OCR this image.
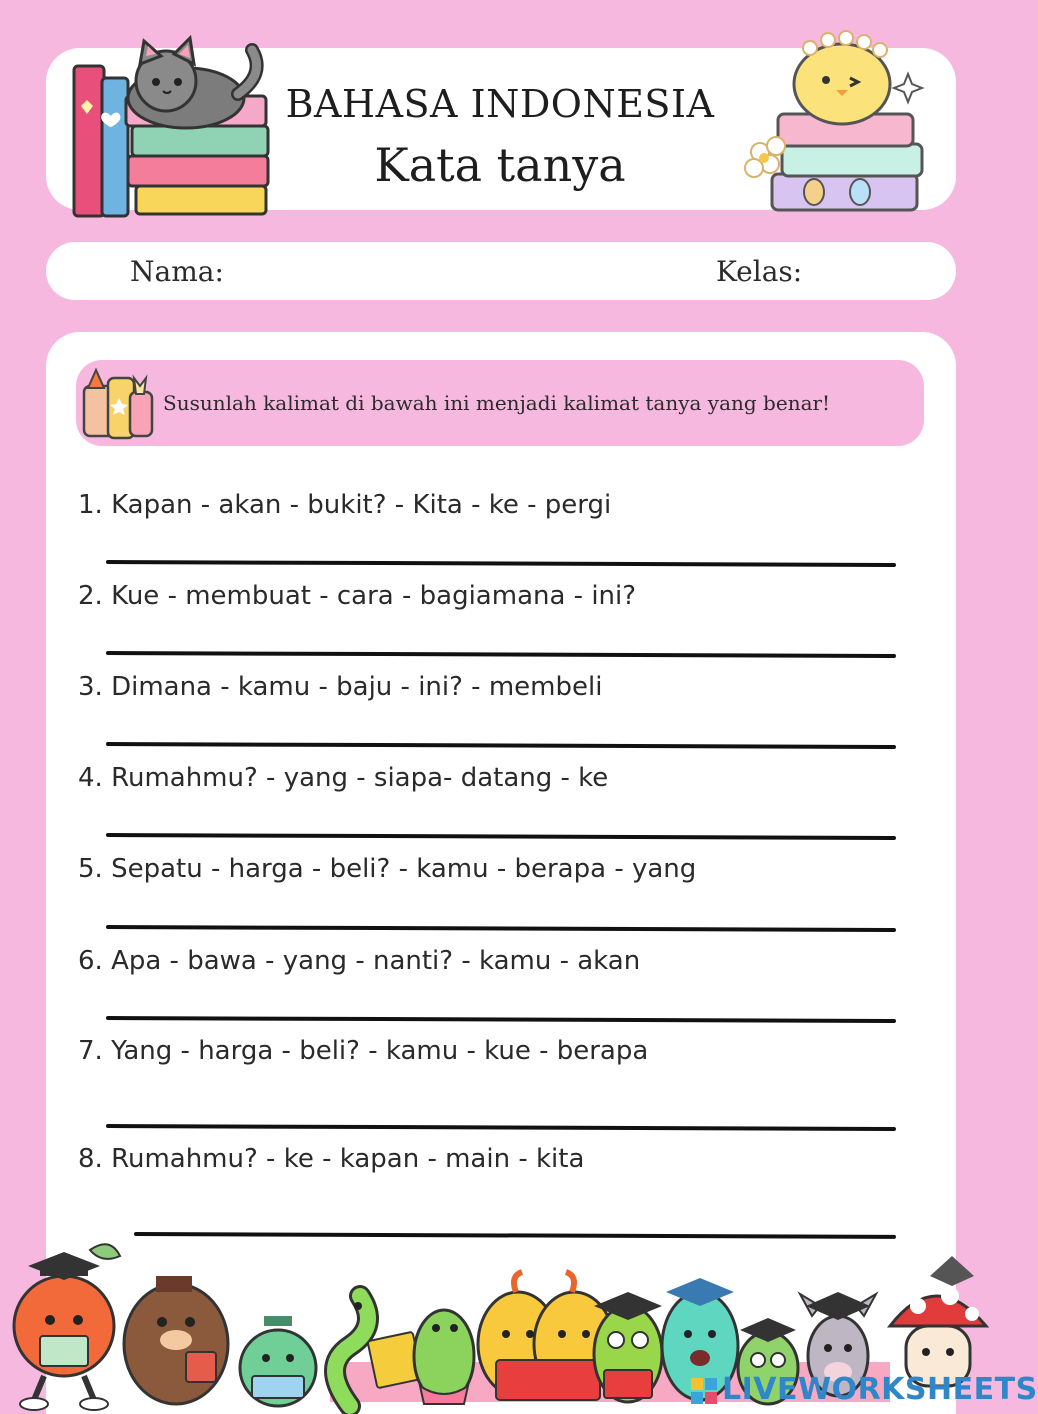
BAHASA INDONESIA
Kata tanya
Nama:	Kelas:
Susunlah kalimat di bawah ini menjadi kalimat tanya yang benar!
1. Kapan - akan - bukit? - Kita - ke - pergi
2. Kue - membuat - cara - bagiamana - ini?
3. Dimana - kamu - baju - ini? - membeli
4. Rumahmu? - yang - siapa- datang - ke
5. Sepatu - harga - beli? - kamu - berapa - yang
6. Apa - bawa - yang - nanti? - kamu - akan
7. Yang - harga - beli? - kamu - kue - berapa
8. Rumahmu? - ke - kapan - main - kita
LIVEWORKSHEETS
